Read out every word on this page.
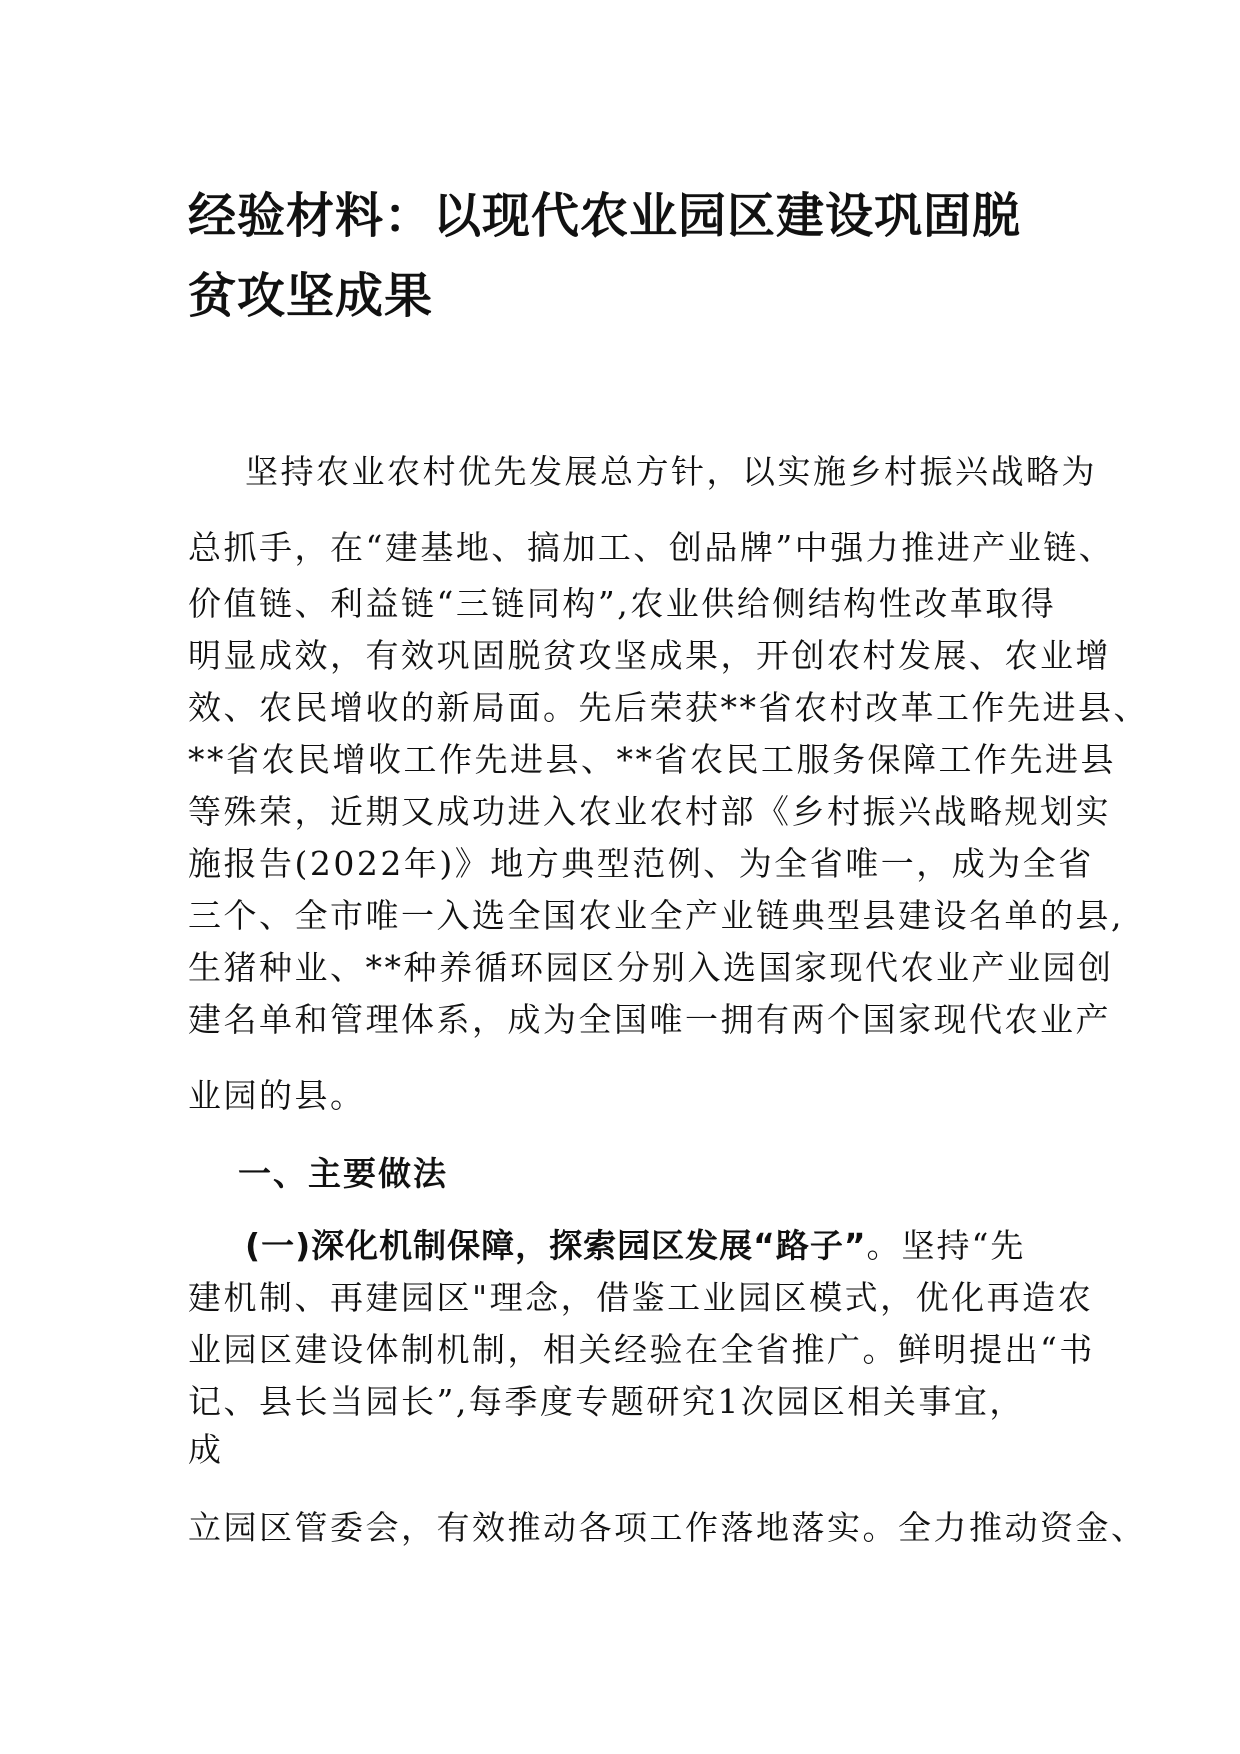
经验材料：以现代农业园区建设巩固脱贫攻坚成果
坚持农业农村优先发展总方针，以实施乡村振兴战略为
总抓手，在“建基地、搞加工、创品牌”中强力推进产业链、
价值链、利益链“三链同构”,农业供给侧结构性改革取得
明显成效，有效巩固脱贫攻坚成果，开创农村发展、农业增
效、农民增收的新局面。先后荣获**省农村改革工作先进县、
**省农民增收工作先进县、**省农民工服务保障工作先进县
等殊荣，近期又成功进入农业农村部《乡村振兴战略规划实
施报告(2022年)》地方典型范例、为全省唯一，成为全省
三个、全市唯一入选全国农业全产业链典型县建设名单的县,
生猪种业、**种养循环园区分别入选国家现代农业产业园创
建名单和管理体系，成为全国唯一拥有两个国家现代农业产
业园的县。
一、主要做法
(一)深化机制保障，探索园区发展“路子”。坚持“先
建机制、再建园区"理念，借鉴工业园区模式，优化再造农
业园区建设体制机制，相关经验在全省推广。鲜明提出“书
记、县长当园长”,每季度专题研究1次园区相关事宜，
成
立园区管委会，有效推动各项工作落地落实。全力推动资金、
